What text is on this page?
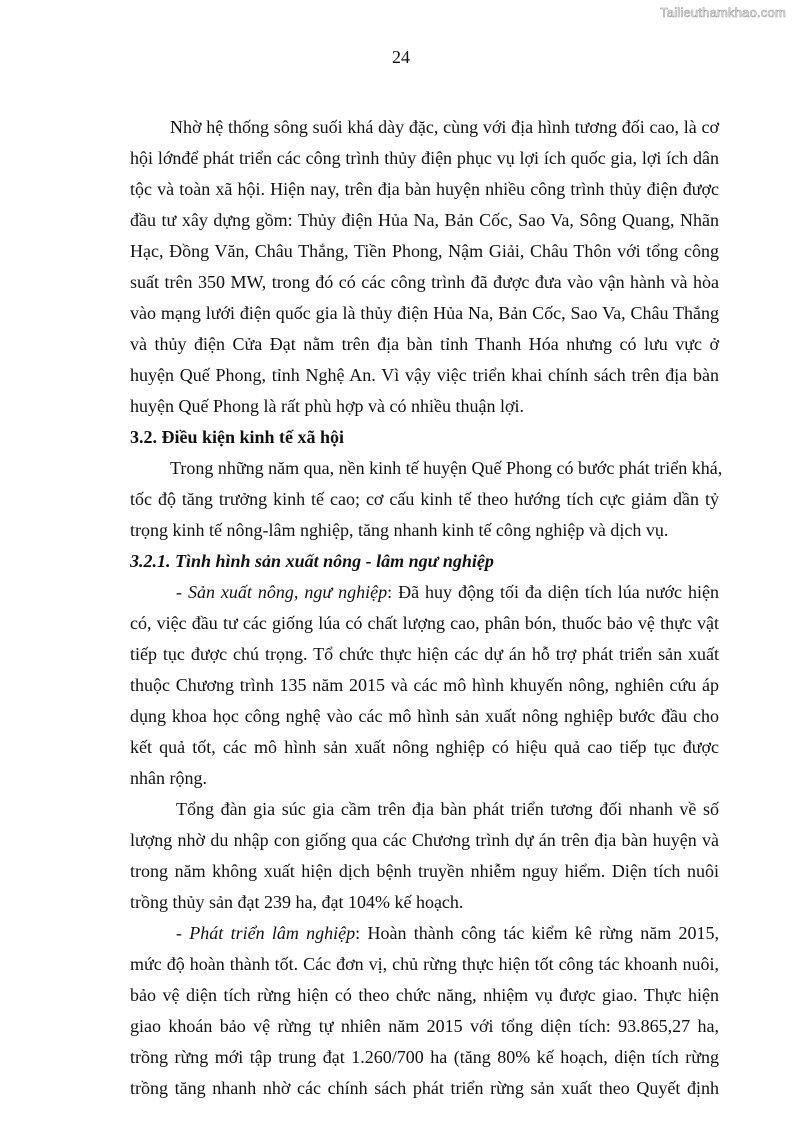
Tailieuthamkhao.com
24
Nhờ hệ thống sông suối khá dày đặc, cùng với địa hình tương đối cao, là cơ
hội lớnđể phát triển các công trình thủy điện phục vụ lợi ích quốc gia, lợi ích dân
tộc và toàn xã hội. Hiện nay, trên địa bàn huyện nhiều công trình thủy điện được
đầu tư xây dựng gồm: Thủy điện Hủa Na, Bản Cốc, Sao Va, Sông Quang, Nhãn
Hạc, Đồng Văn, Châu Thắng, Tiền Phong, Nậm Giải, Châu Thôn với tổng công
suất trên 350 MW, trong đó có các công trình đã được đưa vào vận hành và hòa
vào mạng lưới điện quốc gia là thủy điện Hủa Na, Bản Cốc, Sao Va, Châu Thắng
và thủy điện Cửa Đạt nằm trên địa bàn tỉnh Thanh Hóa nhưng có lưu vực ở
huyện Quế Phong, tỉnh Nghệ An. Vì vậy việc triển khai chính sách trên địa bàn
huyện Quế Phong là rất phù hợp và có nhiều thuận lợi.
3.2. Điều kiện kinh tế xã hội
Trong những năm qua, nền kinh tế huyện Quế Phong có bước phát triển khá,
tốc độ tăng trưởng kinh tế cao; cơ cấu kinh tế theo hướng tích cực giảm dần tỷ
trọng kinh tế nông-lâm nghiệp, tăng nhanh kinh tế công nghiệp và dịch vụ.
3.2.1. Tình hình sản xuất nông - lâm ngư nghiệp
- Sản xuất nông, ngư nghiệp: Đã huy động tối đa diện tích lúa nước hiện
có, việc đầu tư các giống lúa có chất lượng cao, phân bón, thuốc bảo vệ thực vật
tiếp tục được chú trọng. Tổ chức thực hiện các dự án hỗ trợ phát triển sản xuất
thuộc Chương trình 135 năm 2015 và các mô hình khuyến nông, nghiên cứu áp
dụng khoa học công nghệ vào các mô hình sản xuất nông nghiệp bước đầu cho
kết quả tốt, các mô hình sản xuất nông nghiệp có hiệu quả cao tiếp tục được
nhân rộng.
Tổng đàn gia súc gia cầm trên địa bàn phát triển tương đối nhanh về số
lượng nhờ du nhập con giống qua các Chương trình dự án trên địa bàn huyện và
trong năm không xuất hiện dịch bệnh truyền nhiễm nguy hiểm. Diện tích nuôi
trồng thủy sản đạt 239 ha, đạt 104% kế hoạch.
- Phát triển lâm nghiệp: Hoàn thành công tác kiểm kê rừng năm 2015,
mức độ hoàn thành tốt. Các đơn vị, chủ rừng thực hiện tốt công tác khoanh nuôi,
bảo vệ diện tích rừng hiện có theo chức năng, nhiệm vụ được giao. Thực hiện
giao khoán bảo vệ rừng tự nhiên năm 2015 với tổng diện tích: 93.865,27 ha,
trồng rừng mới tập trung đạt 1.260/700 ha (tăng 80% kế hoạch, diện tích rừng
trồng tăng nhanh nhờ các chính sách phát triển rừng sản xuất theo Quyết định
